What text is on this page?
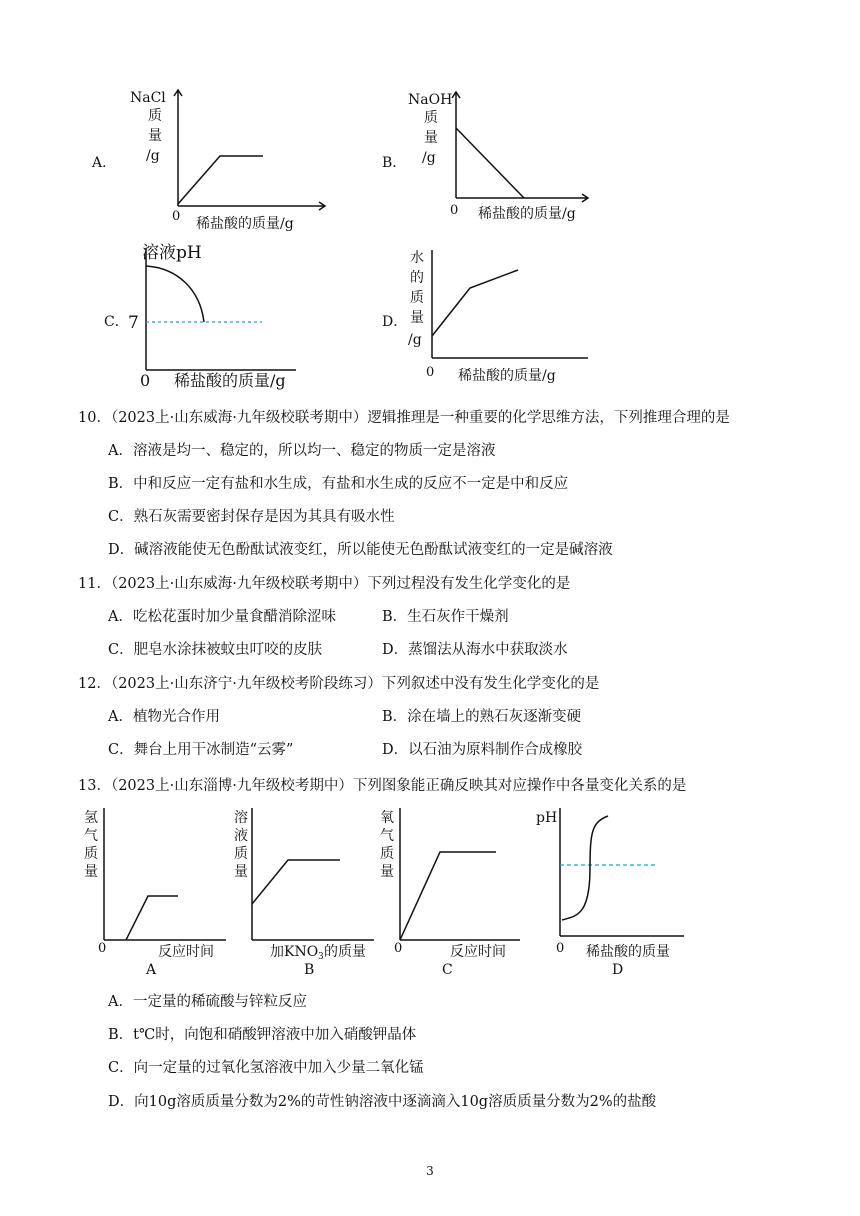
A．
NaCl
质
量
/g
0 稀盐酸的质量/g
B．
NaOH
质
量
/g
0 稀盐酸的质量/g
C．
溶液pH
7
0 稀盐酸的质量/g
D．
水
的
质
量
/g
0 稀盐酸的质量/g
10．（2023上·山东威海·九年级校联考期中）逻辑推理是一种重要的化学思维方法，下列推理合理的是
A．溶液是均一、稳定的，所以均一、稳定的物质一定是溶液
B．中和反应一定有盐和水生成，有盐和水生成的反应不一定是中和反应
C．熟石灰需要密封保存是因为其具有吸水性
D．碱溶液能使无色酚酞试液变红，所以能使无色酚酞试液变红的一定是碱溶液
11．（2023上·山东威海·九年级校联考期中）下列过程没有发生化学变化的是
A．吃松花蛋时加少量食醋消除涩味	B．生石灰作干燥剂
C．肥皂水涂抹被蚊虫叮咬的皮肤	D．蒸馏法从海水中获取淡水
12．（2023上·山东济宁·九年级校考阶段练习）下列叙述中没有发生化学变化的是
A．植物光合作用	B．涂在墙上的熟石灰逐渐变硬
C．舞台上用干冰制造“云雾”	D．以石油为原料制作合成橡胶
13．（2023上·山东淄博·九年级校考期中）下列图象能正确反映其对应操作中各量变化关系的是
氢
气
质
量
0	反应时间
A
溶
液
质
量
加KNO 3 的质量
B
氧
气
质
量
0	反应时间
C
pH
0 稀盐酸的质量
D
A．一定量的稀硫酸与锌粒反应
B．t℃时，向饱和硝酸钾溶液中加入硝酸钾晶体
C．向一定量的过氧化氢溶液中加入少量二氧化锰
D．向10g溶质质量分数为2%的苛性钠溶液中逐滴滴入10g溶质质量分数为2%的盐酸
3
